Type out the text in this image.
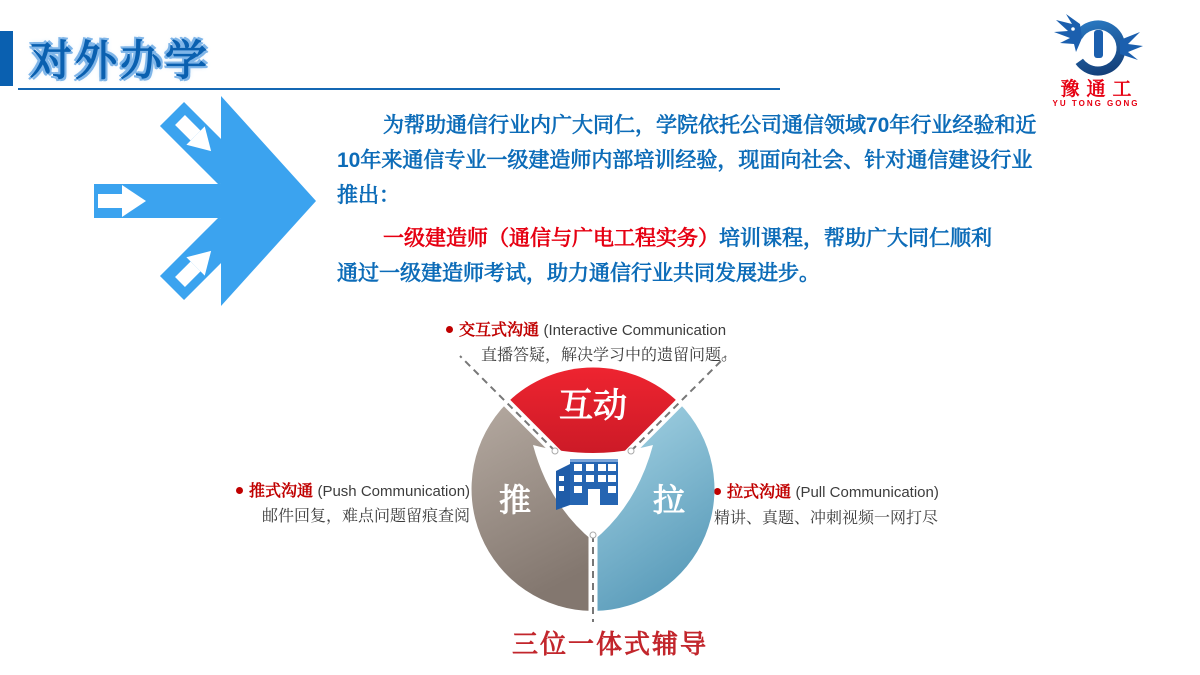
对外办学
豫通工
YU TONG GONG
为帮助通信行业内广大同仁，学院依托公司通信领域70年行业经验和近
10年来通信专业一级建造师内部培训经验，现面向社会、针对通信建设行业
推出：
一级建造师（通信与广电工程实务）培训课程，帮助广大同仁顺利
通过一级建造师考试，助力通信行业共同发展进步。
交互式沟通 (Interactive Communication
直播答疑，解决学习中的遗留问题。
推式沟通 (Push Communication)
邮件回复，难点问题留痕查阅
拉式沟通 (Pull Communication)
精讲、真题、冲刺视频一网打尽
互动
推	拉
三位一体式辅导
